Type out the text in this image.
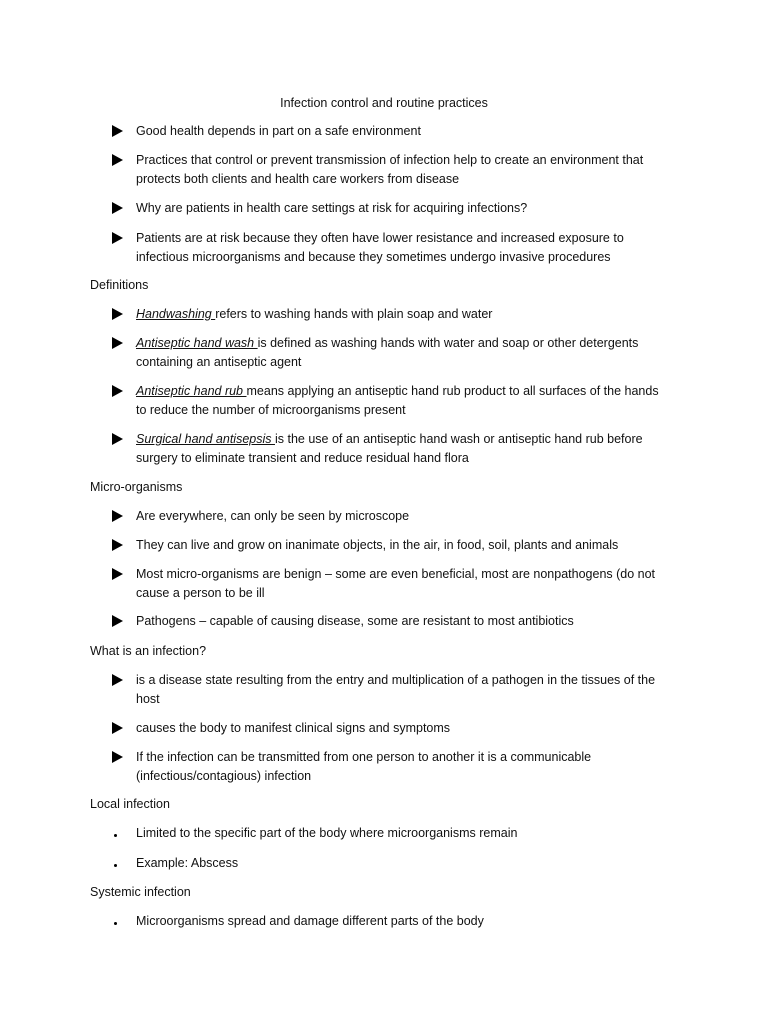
Infection control and routine practices
Good health depends in part on a safe environment
Practices that control or prevent transmission of infection help to create an environment that protects both clients and health care workers from disease
Why are patients in health care settings at risk for acquiring infections?
Patients are at risk because they often have lower resistance and increased exposure to infectious microorganisms and because they sometimes undergo invasive procedures
Definitions
Handwashing refers to washing hands with plain soap and water
Antiseptic hand wash is defined as washing hands with water and soap or other detergents containing an antiseptic agent
Antiseptic hand rub means applying an antiseptic hand rub product to all surfaces of the hands to reduce the number of microorganisms present
Surgical hand antisepsis is the use of an antiseptic hand wash or antiseptic hand rub before surgery to eliminate transient and reduce residual hand flora
Micro-organisms
Are everywhere, can only be seen by microscope
They can live and grow on inanimate objects, in the air, in food, soil, plants and animals
Most micro-organisms are benign – some are even beneficial, most are nonpathogens (do not cause a person to be ill
Pathogens – capable of causing disease, some are resistant to most antibiotics
What is an infection?
is a disease state resulting from the entry and multiplication of a pathogen in the tissues of the host
causes the body to manifest clinical signs and symptoms
If the infection can be transmitted from one person to another it is a communicable (infectious/contagious) infection
Local infection
Limited to the specific part of the body where microorganisms remain
Example: Abscess
Systemic infection
Microorganisms spread and damage different parts of the body
